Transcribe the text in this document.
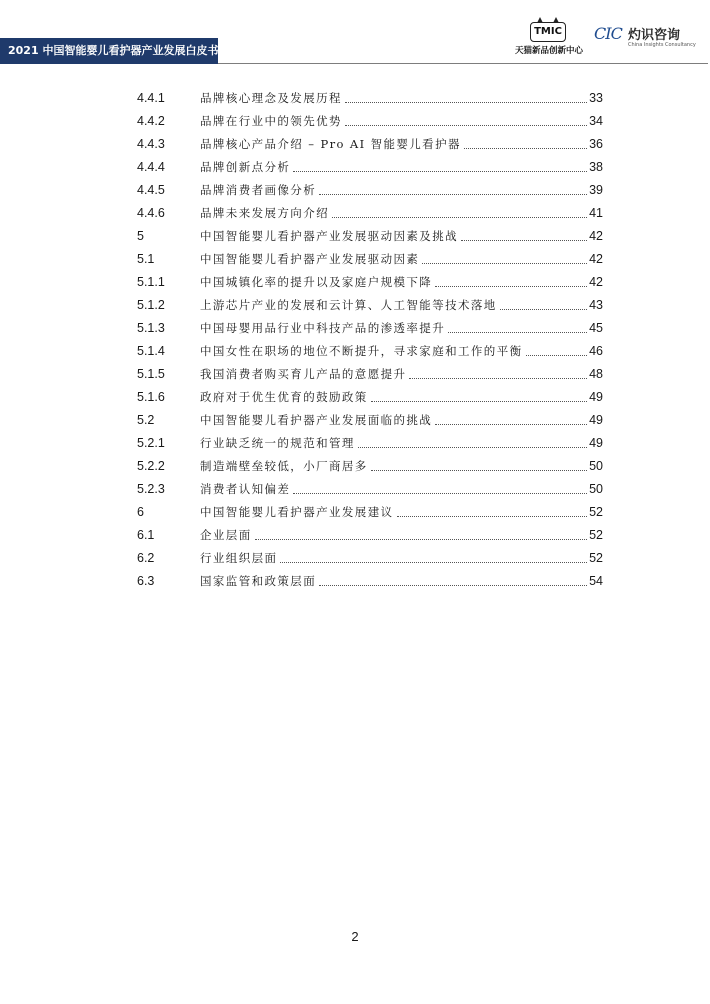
2021 中国智能婴儿看护器产业发展白皮书
TMIC
天猫新品创新中心
CIC 灼识咨询
China Insights Consultancy
4.4.1	品牌核心理念及发展历程	33
4.4.2	品牌在行业中的领先优势	34
4.4.3	品牌核心产品介绍 – Pro AI 智能婴儿看护器	36
4.4.4	品牌创新点分析	38
4.4.5	品牌消费者画像分析	39
4.4.6	品牌未来发展方向介绍	41
5	中国智能婴儿看护器产业发展驱动因素及挑战	42
5.1	中国智能婴儿看护器产业发展驱动因素	42
5.1.1	中国城镇化率的提升以及家庭户规模下降	42
5.1.2	上游芯片产业的发展和云计算、人工智能等技术落地	43
5.1.3	中国母婴用品行业中科技产品的渗透率提升	45
5.1.4	中国女性在职场的地位不断提升，寻求家庭和工作的平衡	46
5.1.5	我国消费者购买育儿产品的意愿提升	48
5.1.6	政府对于优生优育的鼓励政策	49
5.2	中国智能婴儿看护器产业发展面临的挑战	49
5.2.1	行业缺乏统一的规范和管理	49
5.2.2	制造端壁垒较低，小厂商居多	50
5.2.3	消费者认知偏差	50
6	中国智能婴儿看护器产业发展建议	52
6.1	企业层面	52
6.2	行业组织层面	52
6.3	国家监管和政策层面	54
2
